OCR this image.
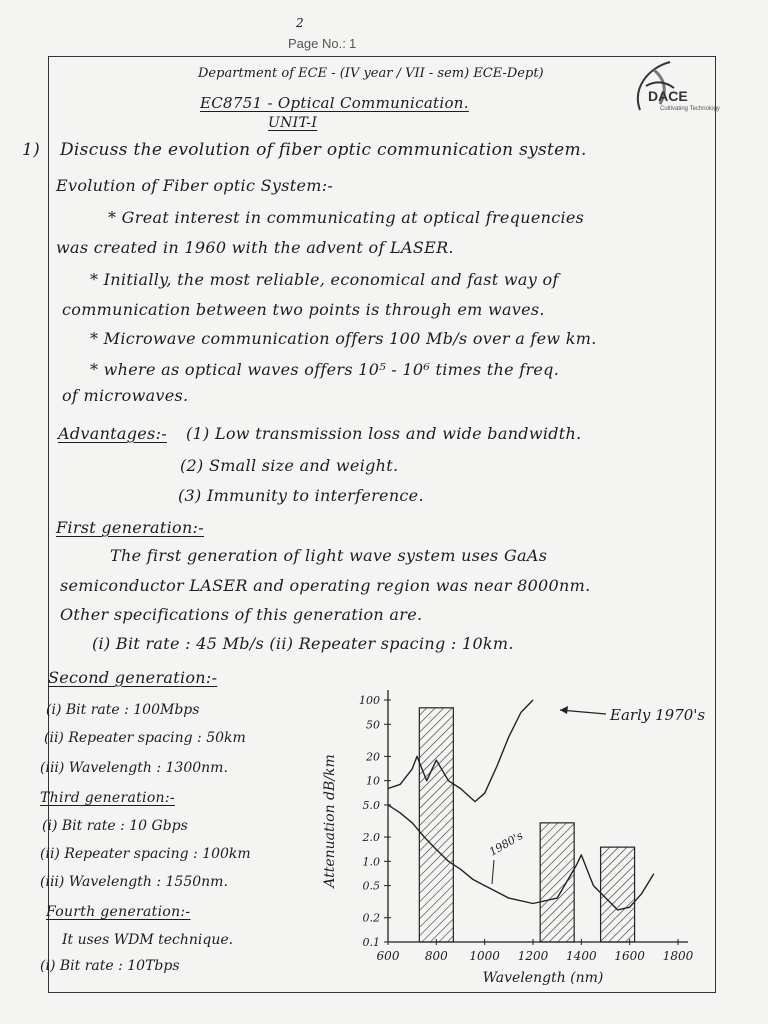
2
Page No.: 1
Department of ECE - (IV year / VII - sem) ECE-Dept)
EC8751 - Optical Communication.
UNIT-I
DACE
Cultivating Technology
1) Discuss the evolution of fiber optic communication system.
Evolution of Fiber optic System:-
* Great interest in communicating at optical frequencies
was created in 1960 with the advent of LASER.
* Initially, the most reliable, economical and fast way of
communication between two points is through em waves.
* Microwave communication offers 100 Mb/s over a few km.
* where as optical waves offers 10⁵ - 10⁶ times the freq.
of microwaves.
Advantages:- (1) Low transmission loss and wide bandwidth.
(2) Small size and weight.
(3) Immunity to interference.
First generation:-
The first generation of light wave system uses GaAs
semiconductor LASER and operating region was near 8000nm.
Other specifications of this generation are.
(i) Bit rate : 45 Mb/s (ii) Repeater spacing : 10km.
Second generation:-
(i) Bit rate : 100Mbps
(ii) Repeater spacing : 50km
(iii) Wavelength : 1300nm.
Third generation:-
(i) Bit rate : 10 Gbps
(ii) Repeater spacing : 100km
(iii) Wavelength : 1550nm.
Fourth generation:-
It uses WDM technique.
(i) Bit rate : 10Tbps
100
50
20
10
5.0
2.0
1.0
0.5
0.2
0.1
600 800 1000 1200 1400 1600 1800
Attenuation dB/km
Wavelength (nm)
Early 1970's
1980's
